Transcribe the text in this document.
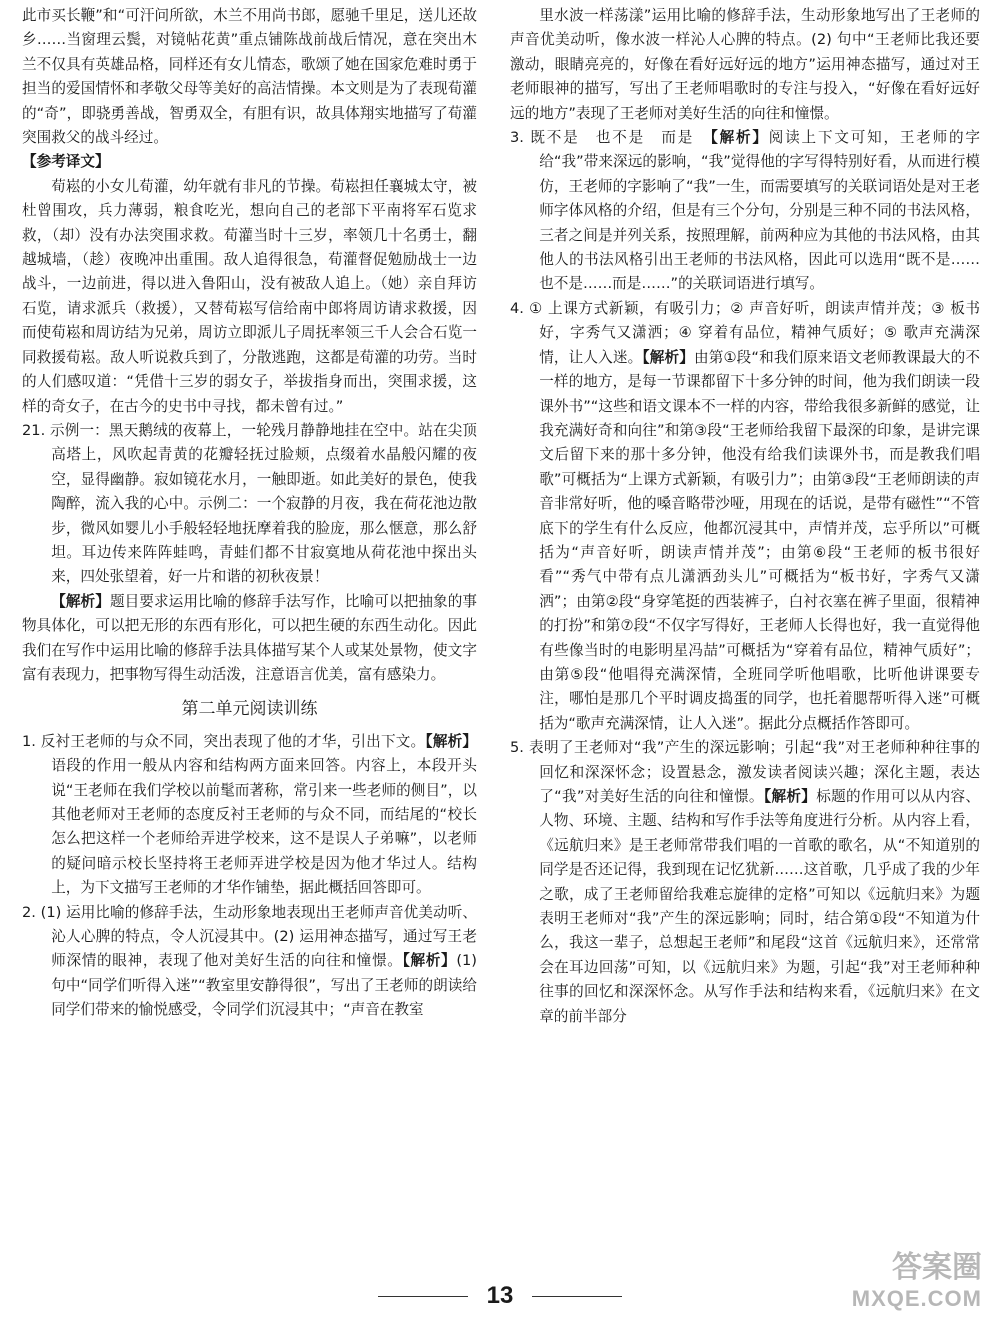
此市买长鞭”和“可汗问所欲，木兰不用尚书郎，愿驰千里足，送儿还故乡……当窗理云鬓，对镜帖花黄”重点铺陈战前战后情况，意在突出木兰不仅具有英雄品格，同样还有女儿情态，歌颂了她在国家危难时勇于担当的爱国情怀和孝敬父母等美好的高洁情操。本文则是为了表现荀灌的“奇”，即骁勇善战，智勇双全，有胆有识，故具体翔实地描写了荀灌突围救父的战斗经过。

【参考译文】

荀崧的小女儿荀灌，幼年就有非凡的节操。荀崧担任襄城太守，被杜曾围攻，兵力薄弱，粮食吃光，想向自己的老部下平南将军石览求救，（却）没有办法突围求救。荀灌当时十三岁，率领几十名勇士，翻越城墙，（趁）夜晚冲出重围。敌人追得很急，荀灌督促勉励战士一边战斗，一边前进，得以进入鲁阳山，没有被敌人追上。（她）亲自拜访石览，请求派兵（救援），又替荀崧写信给南中郎将周访请求救援，因而使荀崧和周访结为兄弟，周访立即派儿子周抚率领三千人会合石览一同救援荀崧。敌人听说救兵到了，分散逃跑，这都是荀灌的功劳。当时的人们感叹道：“凭借十三岁的弱女子，举拔指身而出，突围求援，这样的奇女子，在古今的史书中寻找，都未曾有过。”

21. 示例一：黑天鹅绒的夜幕上，一轮残月静静地挂在空中。站在尖顶高塔上，风吹起青黄的花瓣轻抚过脸颊，点缀着水晶般闪耀的夜空，显得幽静。寂如镜花水月，一触即逝。如此美好的景色，使我陶醉，流入我的心中。示例二：一个寂静的月夜，我在荷花池边散步，微风如婴儿小手般轻轻地抚摩着我的脸庞，那么惬意，那么舒坦。耳边传来阵阵蛙鸣，青蛙们都不甘寂寞地从荷花池中探出头来，四处张望着，好一片和谐的初秋夜景！

【解析】题目要求运用比喻的修辞手法写作，比喻可以把抽象的事物具体化，可以把无形的东西有形化，可以把生硬的东西生动化。因此我们在写作中运用比喻的修辞手法具体描写某个人或某处景物，使文字富有表现力，把事物写得生动活泼，注意语言优美，富有感染力。

第二单元阅读训练

1. 反衬王老师的与众不同，突出表现了他的才华，引出下文。【解析】语段的作用一般从内容和结构两方面来回答。内容上，本段开头说“王老师在我们学校以前髦而著称，常引来一些老师的侧目”，以其他老师对王老师的态度反衬王老师的与众不同，而结尾的“校长怎么把这样一个老师给弄进学校来，这不是误人子弟嘛”，以老师的疑问暗示校长坚持将王老师弄进学校是因为他才华过人。结构上，为下文描写王老师的才华作铺垫，据此概括回答即可。

2. (1) 运用比喻的修辞手法，生动形象地表现出王老师声音优美动听、沁人心脾的特点，令人沉浸其中。(2) 运用神态描写，通过写王老师深情的眼神，表现了他对美好生活的向往和憧憬。【解析】(1) 句中“同学们听得入迷”“教室里安静得很”，写出了王老师的朗读给同学们带来的愉悦感受，令同学们沉浸其中；“声音在教室

里水波一样荡漾”运用比喻的修辞手法，生动形象地写出了王老师的声音优美动听，像水波一样沁人心脾的特点。(2) 句中“王老师比我还要激动，眼睛亮亮的，好像在看好远好远的地方”运用神态描写，通过对王老师眼神的描写，写出了王老师唱歌时的专注与投入，“好像在看好远好远的地方”表现了王老师对美好生活的向往和憧憬。

3. 既不是　也不是　而是　 【解析】阅读上下文可知，王老师的字给“我”带来深远的影响，“我”觉得他的字写得特别好看，从而进行模仿，王老师的字影响了“我”一生，而需要填写的关联词语处是对王老师字体风格的介绍，但是有三个分句，分别是三种不同的书法风格，三者之间是并列关系，按照理解，前两种应为其他的书法风格，由其他人的书法风格引出王老师的书法风格，因此可以选用“既不是……也不是……而是……”的关联词语进行填写。

4. ① 上课方式新颖，有吸引力；② 声音好听，朗读声情并茂；③ 板书好，字秀气又潇洒；④ 穿着有品位，精神气质好；⑤ 歌声充满深情，让人入迷。【解析】由第①段“和我们原来语文老师教课最大的不一样的地方，是每一节课都留下十多分钟的时间，他为我们朗读一段课外书”“这些和语文课本不一样的内容，带给我很多新鲜的感觉，让我充满好奇和向往”和第③段“王老师给我留下最深的印象，是讲完课文后留下来的那十多分钟，他没有给我们读课外书，而是教我们唱歌”可概括为“上课方式新颖，有吸引力”；由第③段“王老师朗读的声音非常好听，他的嗓音略带沙哑，用现在的话说，是带有磁性”“不管底下的学生有什么反应，他都沉浸其中，声情并茂，忘乎所以”可概括为“声音好听，朗读声情并茂”；由第⑥段“王老师的板书很好看”“秀气中带有点儿潇洒劲头儿”可概括为“板书好，字秀气又潇洒”；由第②段“身穿笔挺的西装裤子，白衬衣塞在裤子里面，很精神的打扮”和第⑦段“不仅字写得好，王老师人长得也好，我一直觉得他有些像当时的电影明星冯喆”可概括为“穿着有品位，精神气质好”；由第⑤段“他唱得充满深情，全班同学听他唱歌，比听他讲课要专注，哪怕是那几个平时调皮捣蛋的同学，也托着腮帮听得入迷”可概括为“歌声充满深情，让人入迷”。据此分点概括作答即可。

5. 表明了王老师对“我”产生的深远影响；引起“我”对王老师种种往事的回忆和深深怀念；设置悬念，激发读者阅读兴趣；深化主题，表达了“我”对美好生活的向往和憧憬。【解析】标题的作用可以从内容、人物、环境、主题、结构和写作手法等角度进行分析。从内容上看，《远航归来》是王老师常带我们唱的一首歌的歌名，从“不知道别的同学是否还记得，我到现在记忆犹新……这首歌，几乎成了我的少年之歌，成了王老师留给我难忘旋律的定格”可知以《远航归来》为题表明王老师对“我”产生的深远影响；同时，结合第①段“不知道为什么，我这一辈子，总想起王老师”和尾段“这首《远航归来》，还常常会在耳边回荡”可知，以《远航归来》为题，引起“我”对王老师种种往事的回忆和深深怀念。从写作手法和结构来看，《远航归来》在文章的前半部分

13
答案圈
MXQE.COM
